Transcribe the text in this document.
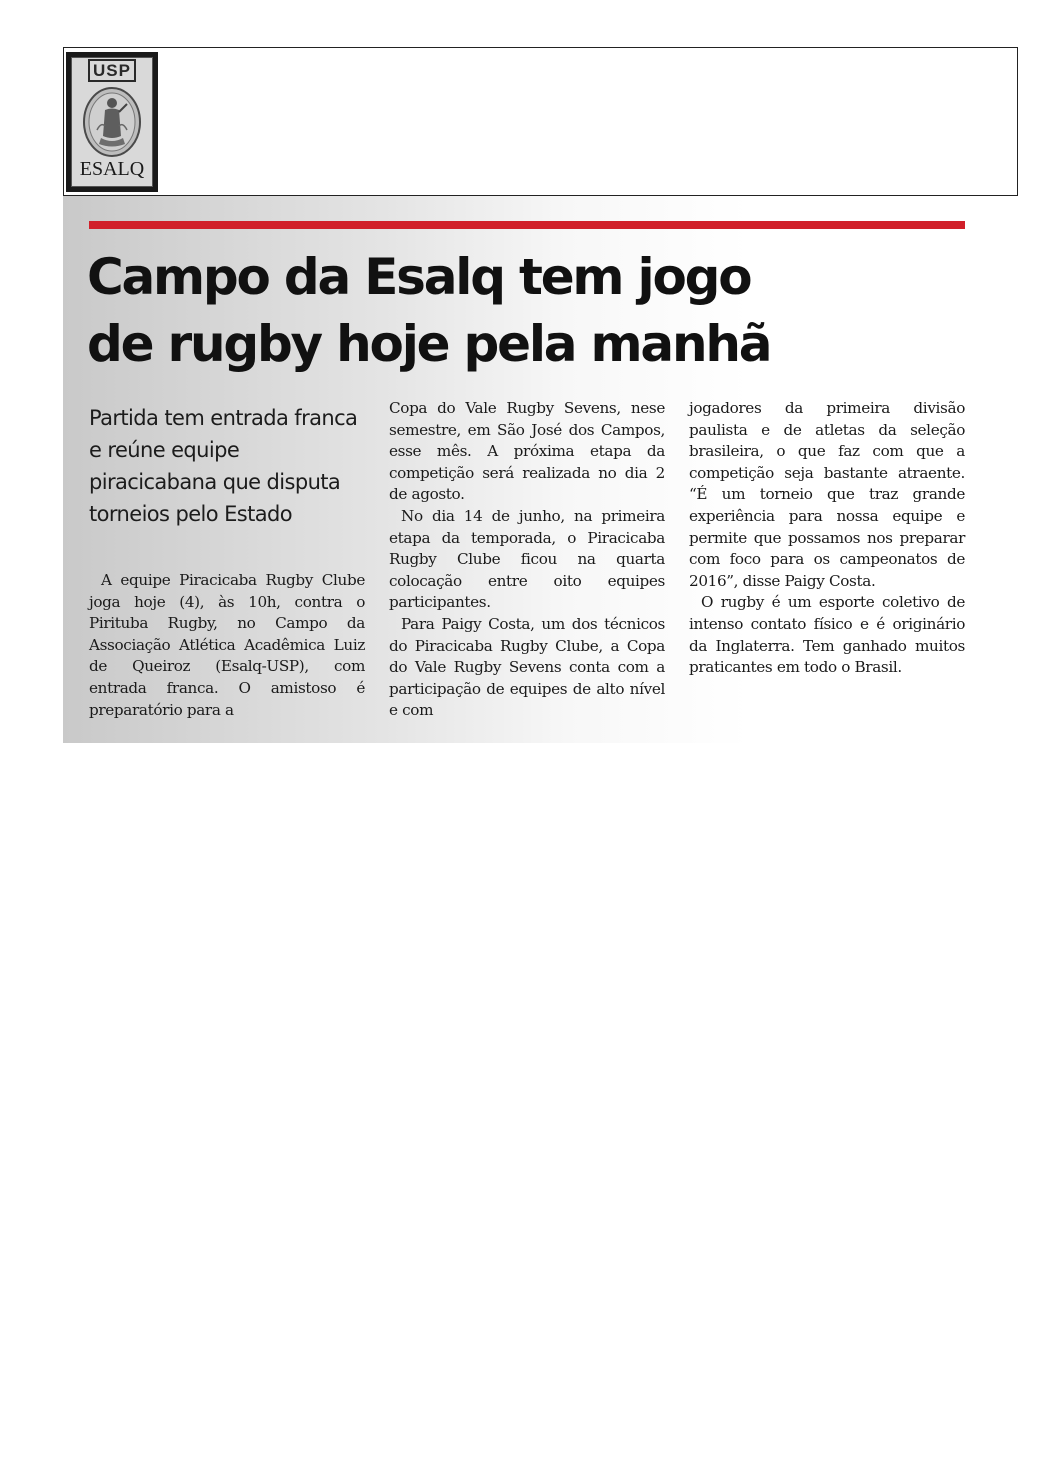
USP
ESALQ
Campo da Esalq tem jogo
de rugby hoje pela manhã
Partida tem entrada franca e reúne equipe piracicabana que disputa torneios pelo Estado

A equipe Piracicaba Rugby Clube joga hoje (4), às 10h, contra o Pirituba Rugby, no Campo da Associação Atlética Acadêmica Luiz de Queiroz (Esalq-USP), com entrada franca. O amistoso é preparatório para a

Copa do Vale Rugby Sevens, nese semestre, em São José dos Campos, esse mês. A próxima etapa da competição será realizada no dia 2 de agosto.

No dia 14 de junho, na primeira etapa da temporada, o Piracicaba Rugby Clube ficou na quarta colocação entre oito equipes participantes.

Para Paigy Costa, um dos técnicos do Piracicaba Rugby Clube, a Copa do Vale Rugby Sevens conta com a participação de equipes de alto nível e com

jogadores da primeira divisão paulista e de atletas da seleção brasileira, o que faz com que a competição seja bastante atraente. “É um torneio que traz grande experiência para nossa equipe e permite que possamos nos preparar com foco para os campeonatos de 2016”, disse Paigy Costa.

O rugby é um esporte coletivo de intenso contato físico e é originário da Inglaterra. Tem ganhado muitos praticantes em todo o Brasil.
